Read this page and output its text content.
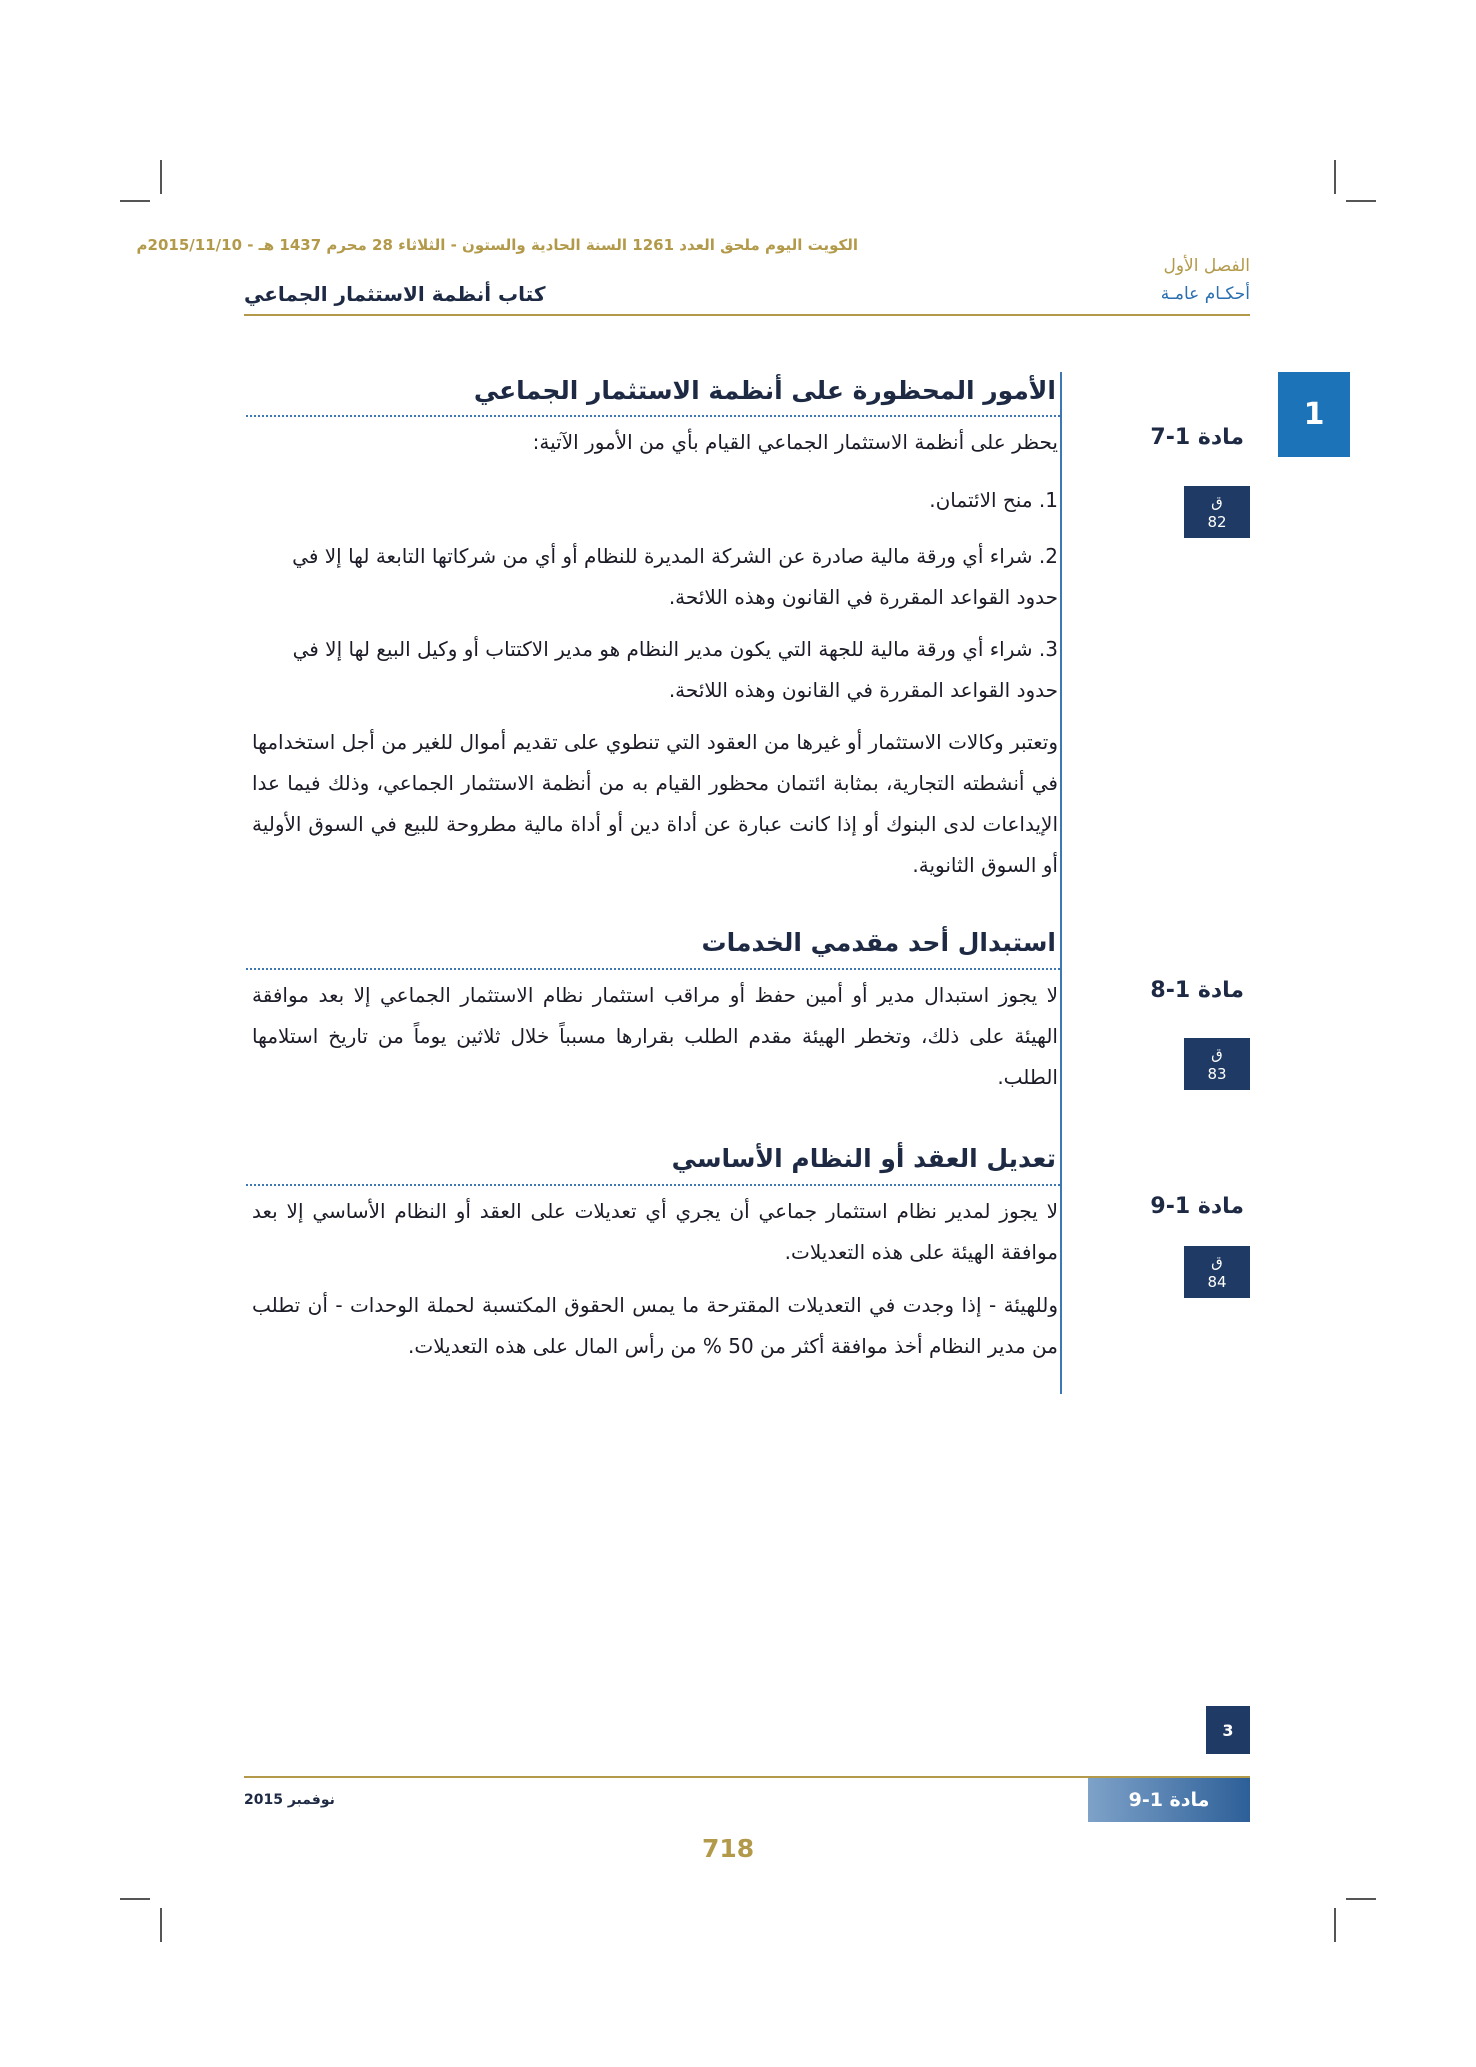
الكويت اليوم ملحق العدد 1261 السنة الحادية والستون - الثلاثاء 28 محرم 1437 هـ - 2015/11/10م
الفصل الأول
أحكـام عامـة
كتاب أنظمة الاستثمار الجماعي
1
الأمور المحظورة على أنظمة الاستثمار الجماعي
مادة 1-7
ق
82
يحظر على أنظمة الاستثمار الجماعي القيام بأي من الأمور الآتية:
1. منح الائتمان.
2. شراء أي ورقة مالية صادرة عن الشركة المديرة للنظام أو أي من شركاتها التابعة لها إلا في حدود القواعد المقررة في القانون وهذه اللائحة.
3. شراء أي ورقة مالية للجهة التي يكون مدير النظام هو مدير الاكتتاب أو وكيل البيع لها إلا في حدود القواعد المقررة في القانون وهذه اللائحة.
وتعتبر وكالات الاستثمار أو غيرها من العقود التي تنطوي على تقديم أموال للغير من أجل استخدامها في أنشطته التجارية، بمثابة ائتمان محظور القيام به من أنظمة الاستثمار الجماعي، وذلك فيما عدا الإيداعات لدى البنوك أو إذا كانت عبارة عن أداة دين أو أداة مالية مطروحة للبيع في السوق الأولية أو السوق الثانوية.
استبدال أحد مقدمي الخدمات
مادة 1-8
ق
83
لا يجوز استبدال مدير أو أمين حفظ أو مراقب استثمار نظام الاستثمار الجماعي إلا بعد موافقة الهيئة على ذلك، وتخطر الهيئة مقدم الطلب بقرارها مسبباً خلال ثلاثين يوماً من تاريخ استلامها الطلب.
تعديل العقد أو النظام الأساسي
مادة 1-9
ق
84
لا يجوز لمدير نظام استثمار جماعي أن يجري أي تعديلات على العقد أو النظام الأساسي إلا بعد موافقة الهيئة على هذه التعديلات.
وللهيئة - إذا وجدت في التعديلات المقترحة ما يمس الحقوق المكتسبة لحملة الوحدات - أن تطلب من مدير النظام أخذ موافقة أكثر من 50 % من رأس المال على هذه التعديلات.
3
مادة 1-9
نوفمبر 2015
718
